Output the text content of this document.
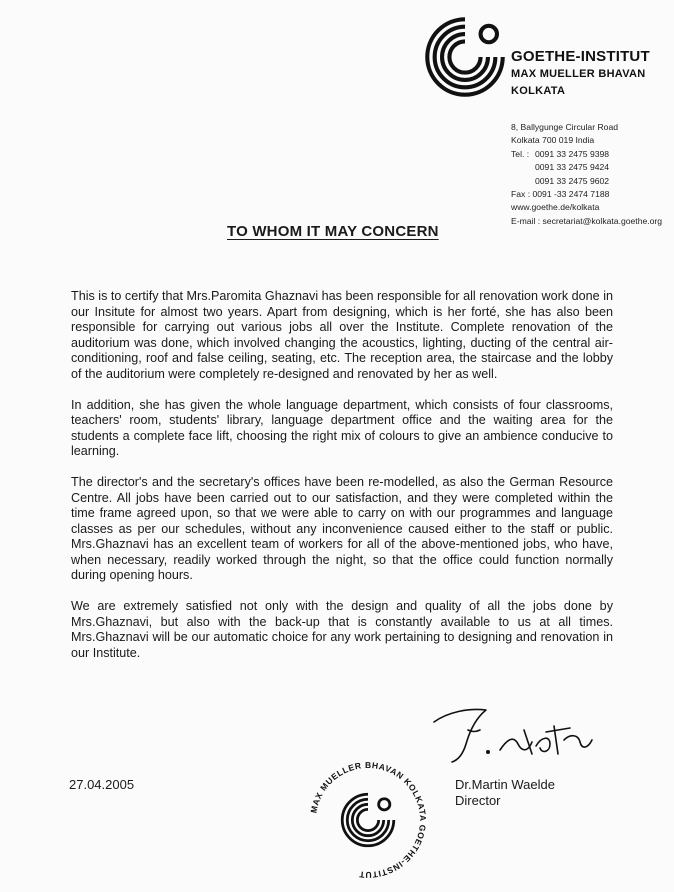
GOETHE-INSTITUT
MAX MUELLER BHAVAN
KOLKATA
8, Ballygunge Circular Road
Kolkata 700 019 India
Tel. : 0091 33 2475 9398
0091 33 2475 9424
0091 33 2475 9602
Fax : 0091 -33 2474 7188
www.goethe.de/kolkata
E-mail : secretariat@kolkata.goethe.org
TO WHOM IT MAY CONCERN

This is to certify that Mrs.Paromita Ghaznavi has been responsible for all renovation work done in our Insitute for almost two years. Apart from designing, which is her forté, she has also been responsible for carrying out various jobs all over the Institute. Complete renovation of the auditorium was done, which involved changing the acoustics, lighting, ducting of the central air-conditioning, roof and false ceiling, seating, etc. The reception area, the staircase and the lobby of the auditorium were completely re-designed and renovated by her as well.

In addition, she has given the whole language department, which consists of four classrooms, teachers' room, students' library, language department office and the waiting area for the students a complete face lift, choosing the right mix of colours to give an ambience conducive to learning.

The director's and the secretary's offices have been re-modelled, as also the German Resource Centre. All jobs have been carried out to our satisfaction, and they were completed within the time frame agreed upon, so that we were able to carry on with our programmes and language classes as per our schedules, without any inconvenience caused either to the staff or public. Mrs.Ghaznavi has an excellent team of workers for all of the above-mentioned jobs, who have, when necessary, readily worked through the night, so that the office could function normally during opening hours.

We are extremely satisfied not only with the design and quality of all the jobs done by Mrs.Ghaznavi, but also with the back-up that is constantly available to us at all times. Mrs.Ghaznavi will be our automatic choice for any work pertaining to designing and renovation in our Institute.

27.04.2005	Dr.Martin Waelde
Director
MAX MUELLER BHAVAN KOLKATA GOETHE-INSTITUT
